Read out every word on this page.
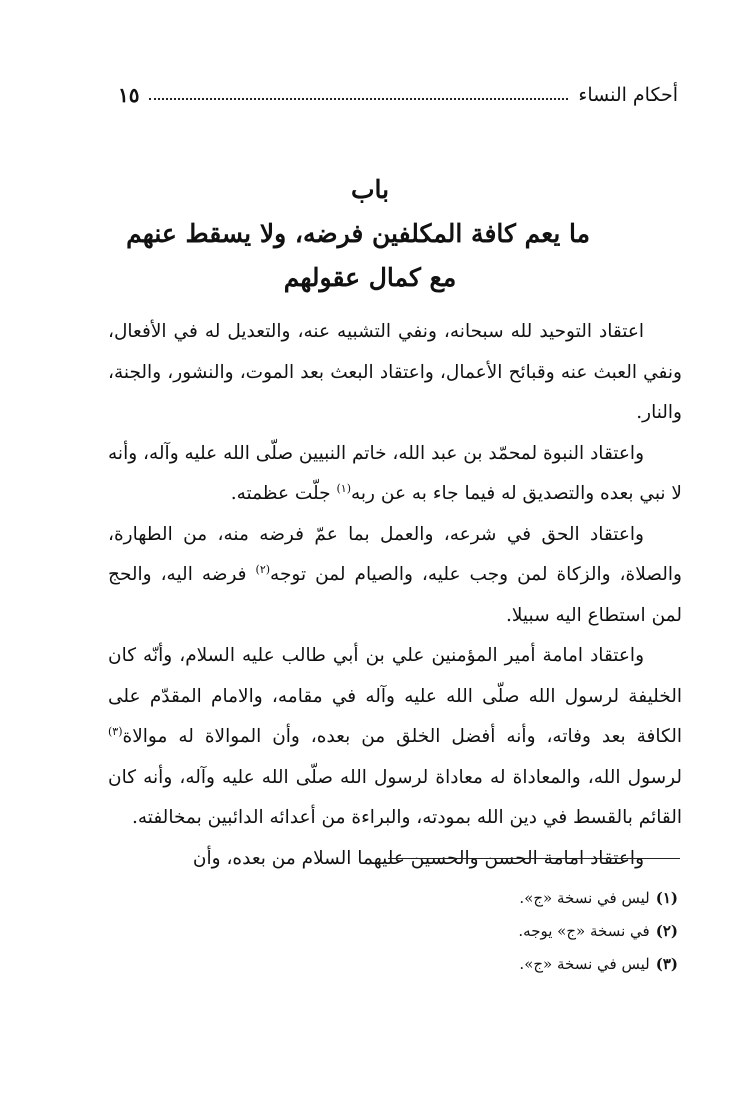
أحكام النساء
١٥
باب
ما يعم كافة المكلفين فرضه، ولا يسقط عنهم
مع كمال عقولهم

اعتقاد التوحيد لله سبحانه، ونفي التشبيه عنه، والتعديل له في الأفعال، ونفي العبث عنه وقبائح الأعمال، واعتقاد البعث بعد الموت، والنشور، والجنة، والنار.

واعتقاد النبوة لمحمّد بن عبد الله، خاتم النبيين صلّى الله عليه وآله، وأنه لا نبي بعده والتصديق له فيما جاء به عن ربه$^{(١)}$ جلّت عظمته.

واعتقاد الحق في شرعه، والعمل بما عمّ فرضه منه، من الطهارة، والصلاة، والزكاة لمن وجب عليه، والصيام لمن توجه$^{(٢)}$ فرضه اليه، والحج لمن استطاع اليه سبيلا.

واعتقاد امامة أمير المؤمنين علي بن أبي طالب عليه السلام، وأنّه كان الخليفة لرسول الله صلّى الله عليه وآله في مقامه، والامام المقدّم على الكافة بعد وفاته، وأنه أفضل الخلق من بعده، وأن الموالاة له موالاة$^{(٣)}$ لرسول الله، والمعاداة له معاداة لرسول الله صلّى الله عليه وآله، وأنه كان القائم بالقسط في دين الله بمودته، والبراءة من أعدائه الدائبين بمخالفته.

واعتقاد امامة الحسن والحسين عليهما السلام من بعده، وأن

(١)ليس في نسخة «ج».
(٢)في نسخة «ج» يوجه.
(٣)ليس في نسخة «ج».
